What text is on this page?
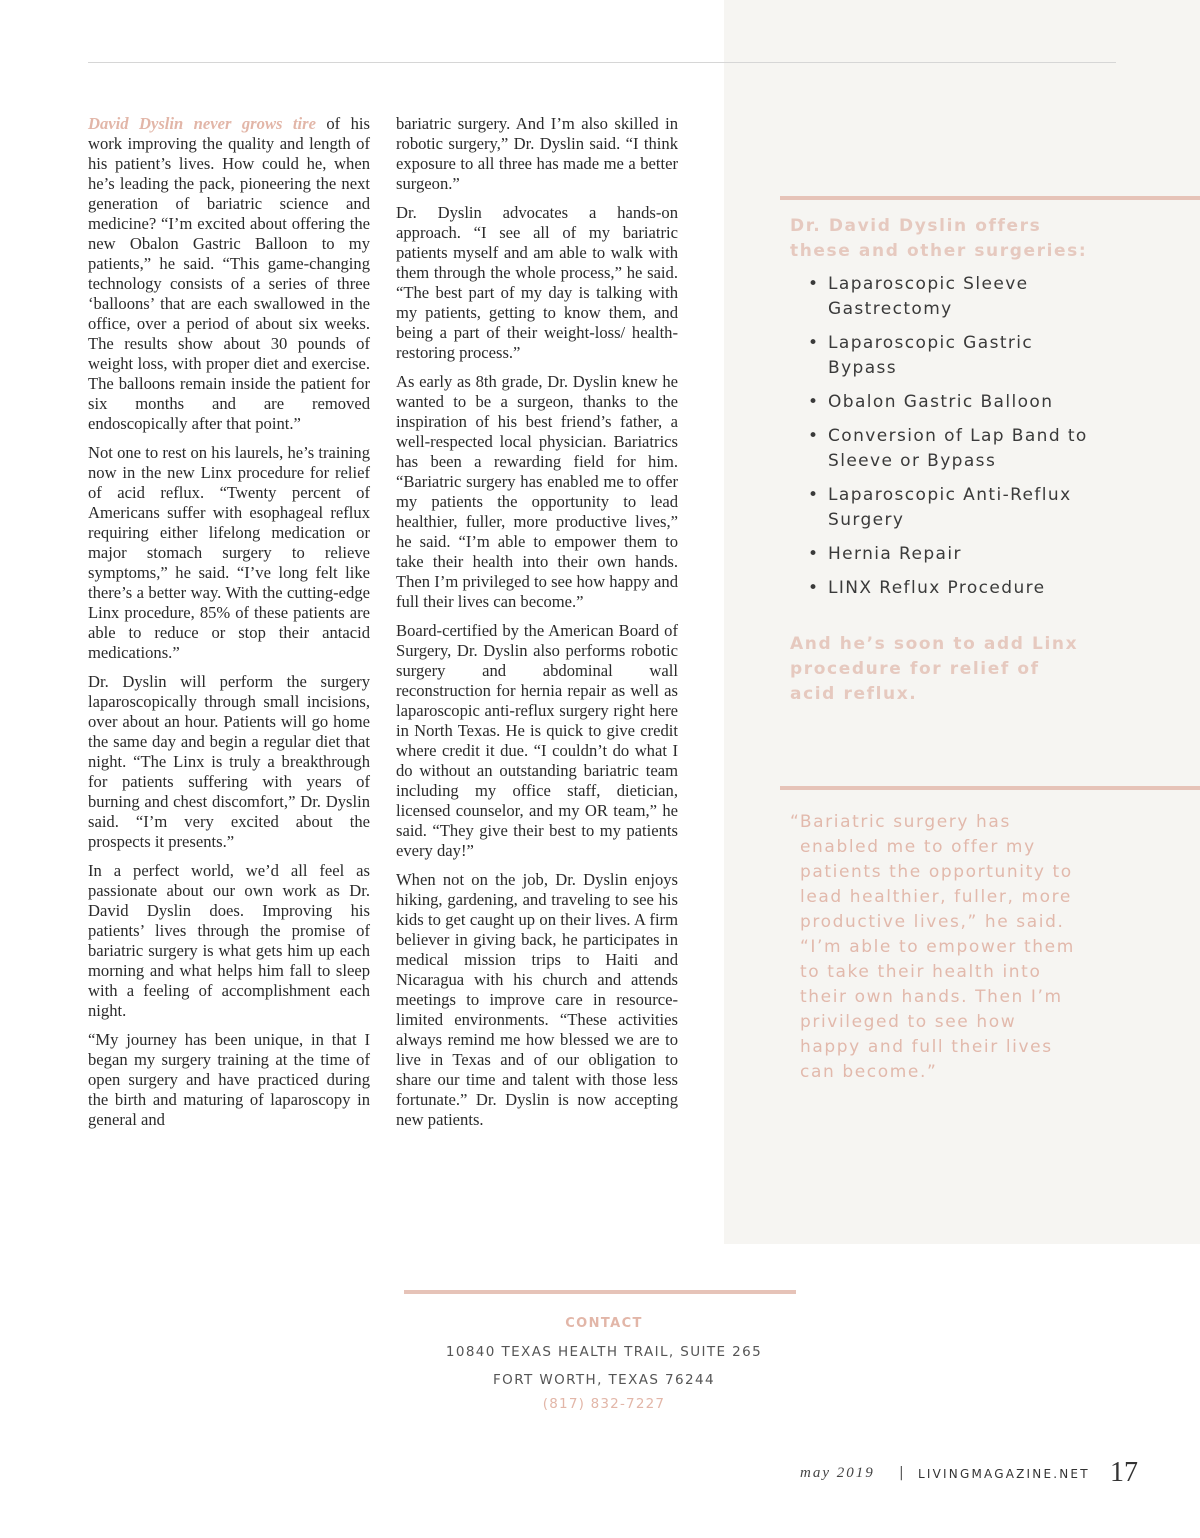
David Dyslin never grows tire of his work improving the quality and length of his patient’s lives. How could he, when he’s leading the pack, pioneering the next generation of bariatric science and medicine? “I’m excited about offering the new Obalon Gastric Balloon to my patients,” he said. “This game-changing technology consists of a series of three ‘balloons’ that are each swallowed in the office, over a period of about six weeks. The results show about 30 pounds of weight loss, with proper diet and exercise. The balloons remain inside the patient for six months and are removed endoscopically after that point.”

Not one to rest on his laurels, he’s training now in the new Linx procedure for relief of acid reflux. “Twenty percent of Americans suffer with esophageal reflux requiring either lifelong medication or major stomach surgery to relieve symptoms,” he said. “I’ve long felt like there’s a better way. With the cutting-edge Linx procedure, 85% of these patients are able to reduce or stop their antacid medications.”

Dr. Dyslin will perform the surgery laparoscopically through small incisions, over about an hour. Patients will go home the same day and begin a regular diet that night. “The Linx is truly a breakthrough for patients suffering with years of burning and chest discomfort,” Dr. Dyslin said. “I’m very excited about the prospects it presents.”

In a perfect world, we’d all feel as passionate about our own work as Dr. David Dyslin does. Improving his patients’ lives through the promise of bariatric surgery is what gets him up each morning and what helps him fall to sleep with a feeling of accomplishment each night.

“My journey has been unique, in that I began my surgery training at the time of open surgery and have practiced during the birth and maturing of laparoscopy in general and

bariatric surgery. And I’m also skilled in robotic surgery,” Dr. Dyslin said. “I think exposure to all three has made me a better surgeon.”

Dr. Dyslin advocates a hands-on approach. “I see all of my bariatric patients myself and am able to walk with them through the whole process,” he said. “The best part of my day is talking with my patients, getting to know them, and being a part of their weight-loss/ health-restoring process.”

As early as 8th grade, Dr. Dyslin knew he wanted to be a surgeon, thanks to the inspiration of his best friend’s father, a well-respected local physician. Bariatrics has been a rewarding field for him. “Bariatric surgery has enabled me to offer my patients the opportunity to lead healthier, fuller, more productive lives,” he said. “I’m able to empower them to take their health into their own hands. Then I’m privileged to see how happy and full their lives can become.”

Board-certified by the American Board of Surgery, Dr. Dyslin also performs robotic surgery and abdominal wall reconstruction for hernia repair as well as laparoscopic anti-reflux surgery right here in North Texas. He is quick to give credit where credit it due. “I couldn’t do what I do without an outstanding bariatric team including my office staff, dietician, licensed counselor, and my OR team,” he said. “They give their best to my patients every day!”

When not on the job, Dr. Dyslin enjoys hiking, gardening, and traveling to see his kids to get caught up on their lives. A firm believer in giving back, he participates in medical mission trips to Haiti and Nicaragua with his church and attends meetings to improve care in resource-limited environments. “These activities always remind me how blessed we are to live in Texas and of our obligation to share our time and talent with those less fortunate.” Dr. Dyslin is now accepting new patients.

Dr. David Dyslin offers these and other surgeries:
• Laparoscopic Sleeve Gastrectomy
• Laparoscopic Gastric Bypass
• Obalon Gastric Balloon
• Conversion of Lap Band to Sleeve or Bypass
• Laparoscopic Anti-Reflux Surgery
• Hernia Repair
• LINX Reflux Procedure
And he’s soon to add Linx procedure for relief of acid reflux.
“Bariatric surgery has enabled me to offer my patients the opportunity to lead healthier, fuller, more productive lives,” he said. “I’m able to empower them to take their health into their own hands. Then I’m privileged to see how happy and full their lives can become.”
CONTACT
10840 TEXAS HEALTH TRAIL, SUITE 265
FORT WORTH, TEXAS 76244
(817) 832-7227
may 2019 | LIVINGMAGAZINE.NET 17
